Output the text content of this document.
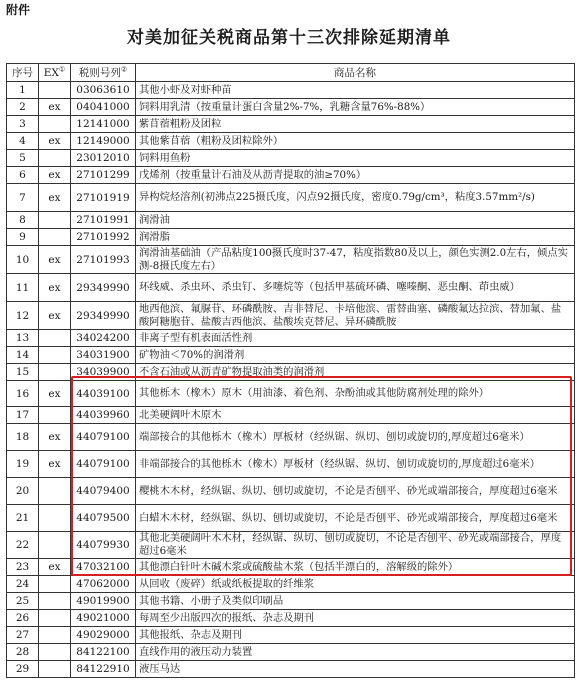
附件
对美加征关税商品第十三次排除延期清单
序号	EX①	税则号列②	商品名称
1		03063610	其他小虾及对虾种苗
2	ex	04041000	饲料用乳清（按重量计蛋白含量2%-7%，乳糖含量76%-88%）
3		12141000	紫苜蓿粗粉及团粒
4	ex	12149000	其他紫苜蓿（粗粉及团粒除外）
5		23012010	饲料用鱼粉
6	ex	27101299	戊烯剂（按重量计石油及从沥青提取的油≥70%）
7	ex	27101919	异构烷烃溶剂(初沸点225摄氏度，闪点92摄氏度，密度0.79g/cm³，粘度3.57mm²/s)
8		27101991	润滑油
9		27101992	润滑脂
10	ex	27101993	润滑油基础油（产品粘度100摄氏度时37-47，粘度指数80及以上，颜色实测2.0左右，倾点实测-8摄氏度左右）
11	ex	29349990	环线威、杀虫环、杀虫钉、多噻烷等（包括甲基硫环磷、噻嗪酮、恶虫酮、茚虫威）
12	ex	29349990	地西他滨、氟脲苷、环磷酰胺、吉非替尼、卡培他滨、雷替曲塞、磷酸氟达拉滨、替加氟、盐酸阿糖胞苷、盐酸吉西他滨、盐酸埃克替尼、异环磷酰胺
13		34024200	非离子型有机表面活性剂
14		34031900	矿物油＜70%的润滑剂
15		34039900	不含石油或从沥青矿物提取油类的润滑剂
16	ex	44039100	其他栎木（橡木）原木（用油漆、着色剂、杂酚油或其他防腐剂处理的除外）
17		44039960	北美硬阔叶木原木
18	ex	44079100	端部接合的其他栎木（橡木）厚板材（经纵锯、纵切、刨切或旋切的,厚度超过6毫米）
19	ex	44079100	非端部接合的其他栎木（橡木）厚板材（经纵锯、纵切、刨切或旋切的,厚度超过6毫米）
20		44079400	樱桃木木材，经纵锯、纵切、刨切或旋切，不论是否刨平、砂光或端部接合，厚度超过6毫米
21		44079500	白蜡木木材，经纵锯、纵切、刨切或旋切，不论是否刨平、砂光或端部接合，厚度超过6毫米
22		44079930	其他北美硬阔叶木木材，经纵锯、纵切、刨切或旋切，不论是否刨平、砂光或端部接合，厚度超过6毫米
23	ex	47032100	其他漂白针叶木碱木浆或硫酸盐木浆（包括半漂白的，溶解级的除外）
24		47062000	从回收（废碎）纸或纸板提取的纤维浆
25		49019900	其他书籍、小册子及类似印刷品
26		49021000	每周至少出版四次的报纸、杂志及期刊
27		49029000	其他报纸、杂志及期刊
28		84122100	直线作用的液压动力装置
29		84122910	液压马达
